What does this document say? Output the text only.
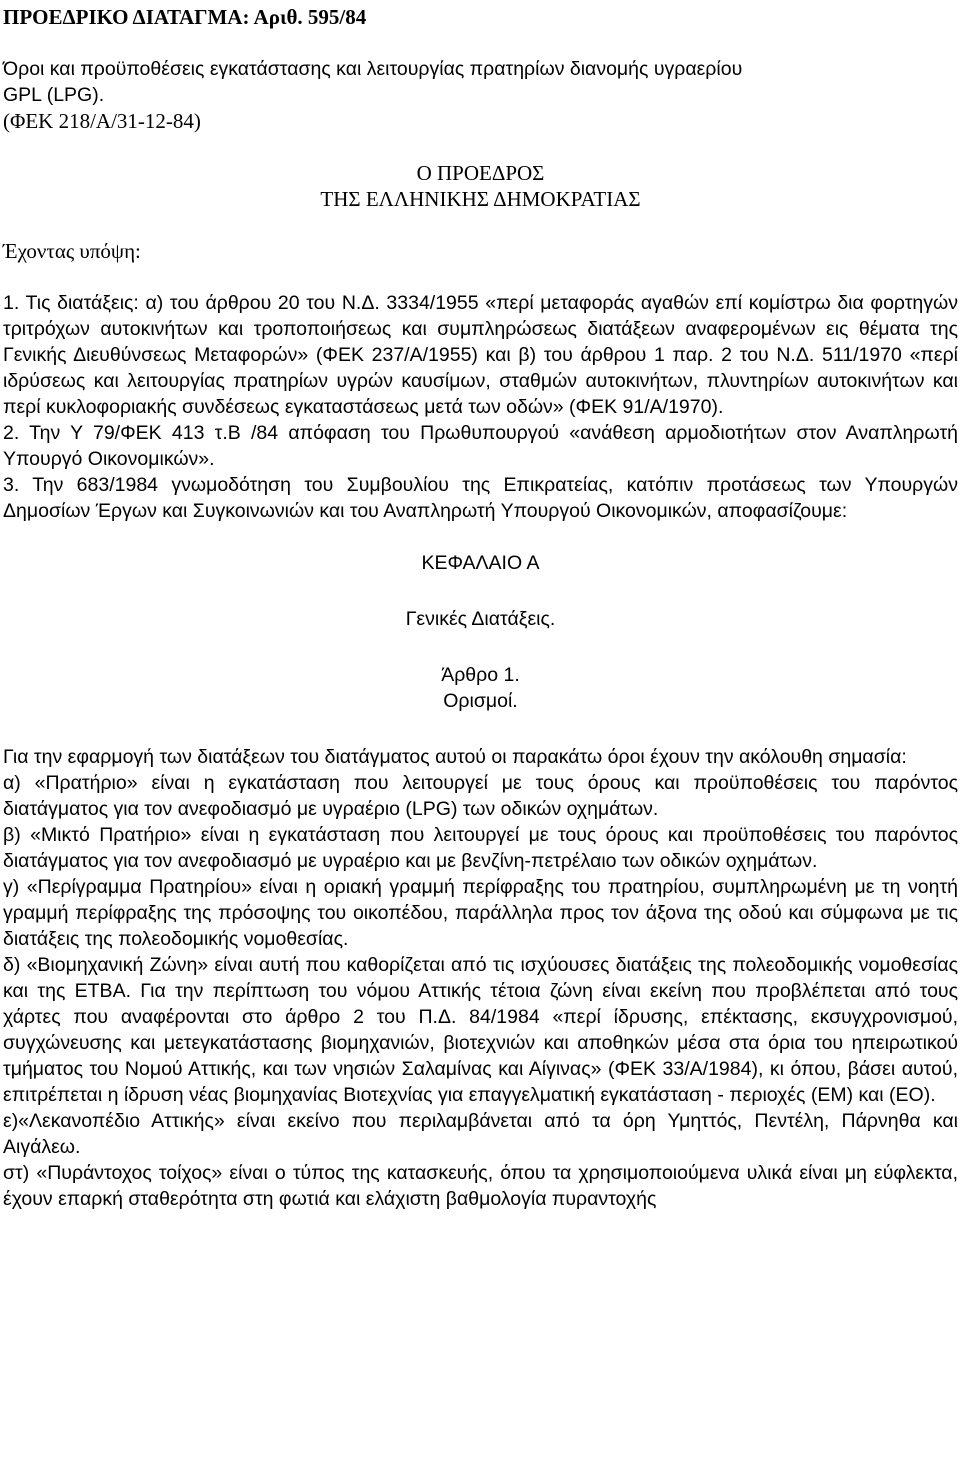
ΠΡΟΕΔΡΙΚΟ ΔΙΑΤΑΓΜΑ: Αριθ. 595/84

Όροι και προϋποθέσεις εγκατάστασης και λειτουργίας πρατηρίων διανομής υγραερίου

GPL (LPG).

(ΦΕΚ 218/Α/31-12-84)

Ο ΠΡΟΕΔΡΟΣ

ΤΗΣ ΕΛΛΗΝΙΚΗΣ ΔΗΜΟΚΡΑΤΙΑΣ

Έχοντας υπόψη:

1. Τις διατάξεις: α) του άρθρου 20 του Ν.Δ. 3334/1955 «περί μεταφοράς αγαθών επί κομίστρω δια φορτηγών τριτρόχων αυτοκινήτων και τροποποιήσεως και συμπληρώσεως διατάξεων αναφερομένων εις θέματα της Γενικής Διευθύνσεως Μεταφορών» (ΦΕΚ 237/Α/1955) και β) του άρθρου 1 παρ. 2 του Ν.Δ. 511/1970 «περί ιδρύσεως και λειτουργίας πρατηρίων υγρών καυσίμων, σταθμών αυτοκινήτων, πλυντηρίων αυτοκινήτων και περί κυκλοφοριακής συνδέσεως εγκαταστάσεως μετά των οδών» (ΦΕΚ 91/Α/1970).

2. Την Υ 79/ΦΕΚ 413 τ.Β /84 απόφαση του Πρωθυπουργού «ανάθεση αρμοδιοτήτων στον Αναπληρωτή Υπουργό Οικονομικών».

3. Την 683/1984 γνωμοδότηση του Συμβουλίου της Επικρατείας, κατόπιν προτάσεως των Υπουργών Δημοσίων Έργων και Συγκοινωνιών και του Αναπληρωτή Υπουργού Οικονομικών, αποφασίζουμε:

ΚΕΦΑΛΑΙΟ Α

Γενικές Διατάξεις.

Άρθρο 1.

Ορισμοί.

Για την εφαρμογή των διατάξεων του διατάγματος αυτού οι παρακάτω όροι έχουν την ακόλουθη σημασία:

α) «Πρατήριο» είναι η εγκατάσταση που λειτουργεί με τους όρους και προϋποθέσεις του παρόντος διατάγματος για τον ανεφοδιασμό με υγραέριο (LPG) των οδικών οχημάτων.

β) «Μικτό Πρατήριο» είναι η εγκατάσταση που λειτουργεί με τους όρους και προϋποθέσεις του παρόντος διατάγματος για τον ανεφοδιασμό με υγραέριο και με βενζίνη-πετρέλαιο των οδικών οχημάτων.

γ) «Περίγραμμα Πρατηρίου» είναι η οριακή γραμμή περίφραξης του πρατηρίου, συμπληρωμένη με τη νοητή γραμμή περίφραξης της πρόσοψης του οικοπέδου, παράλληλα προς τον άξονα της οδού και σύμφωνα με τις διατάξεις της πολεοδομικής νομοθεσίας.

δ) «Βιομηχανική Ζώνη» είναι αυτή που καθορίζεται από τις ισχύουσες διατάξεις της πολεοδομικής νομοθεσίας και της ΕΤΒΑ. Για την περίπτωση του νόμου Αττικής τέτοια ζώνη είναι εκείνη που προβλέπεται από τους χάρτες που αναφέρονται στο άρθρο 2 του Π.Δ. 84/1984 «περί ίδρυσης, επέκτασης, εκσυγχρονισμού, συγχώνευσης και μετεγκατάστασης βιομηχανιών, βιοτεχνιών και αποθηκών μέσα στα όρια του ηπειρωτικού τμήματος του Νομού Αττικής, και των νησιών Σαλαμίνας και Αίγινας» (ΦΕΚ 33/Α/1984), κι όπου, βάσει αυτού, επιτρέπεται η ίδρυση νέας βιομηχανίας Βιοτεχνίας για επαγγελματική εγκατάσταση - περιοχές (ΕΜ) και (ΕΟ).

ε)«Λεκανοπέδιο Αττικής» είναι εκείνο που περιλαμβάνεται από τα όρη Υμηττός, Πεντέλη, Πάρνηθα και Αιγάλεω.

στ) «Πυράντοχος τοίχος» είναι ο τύπος της κατασκευής, όπου τα χρησιμοποιούμενα υλικά είναι μη εύφλεκτα, έχουν επαρκή σταθερότητα στη φωτιά και ελάχιστη βαθμολογία πυραντοχής
